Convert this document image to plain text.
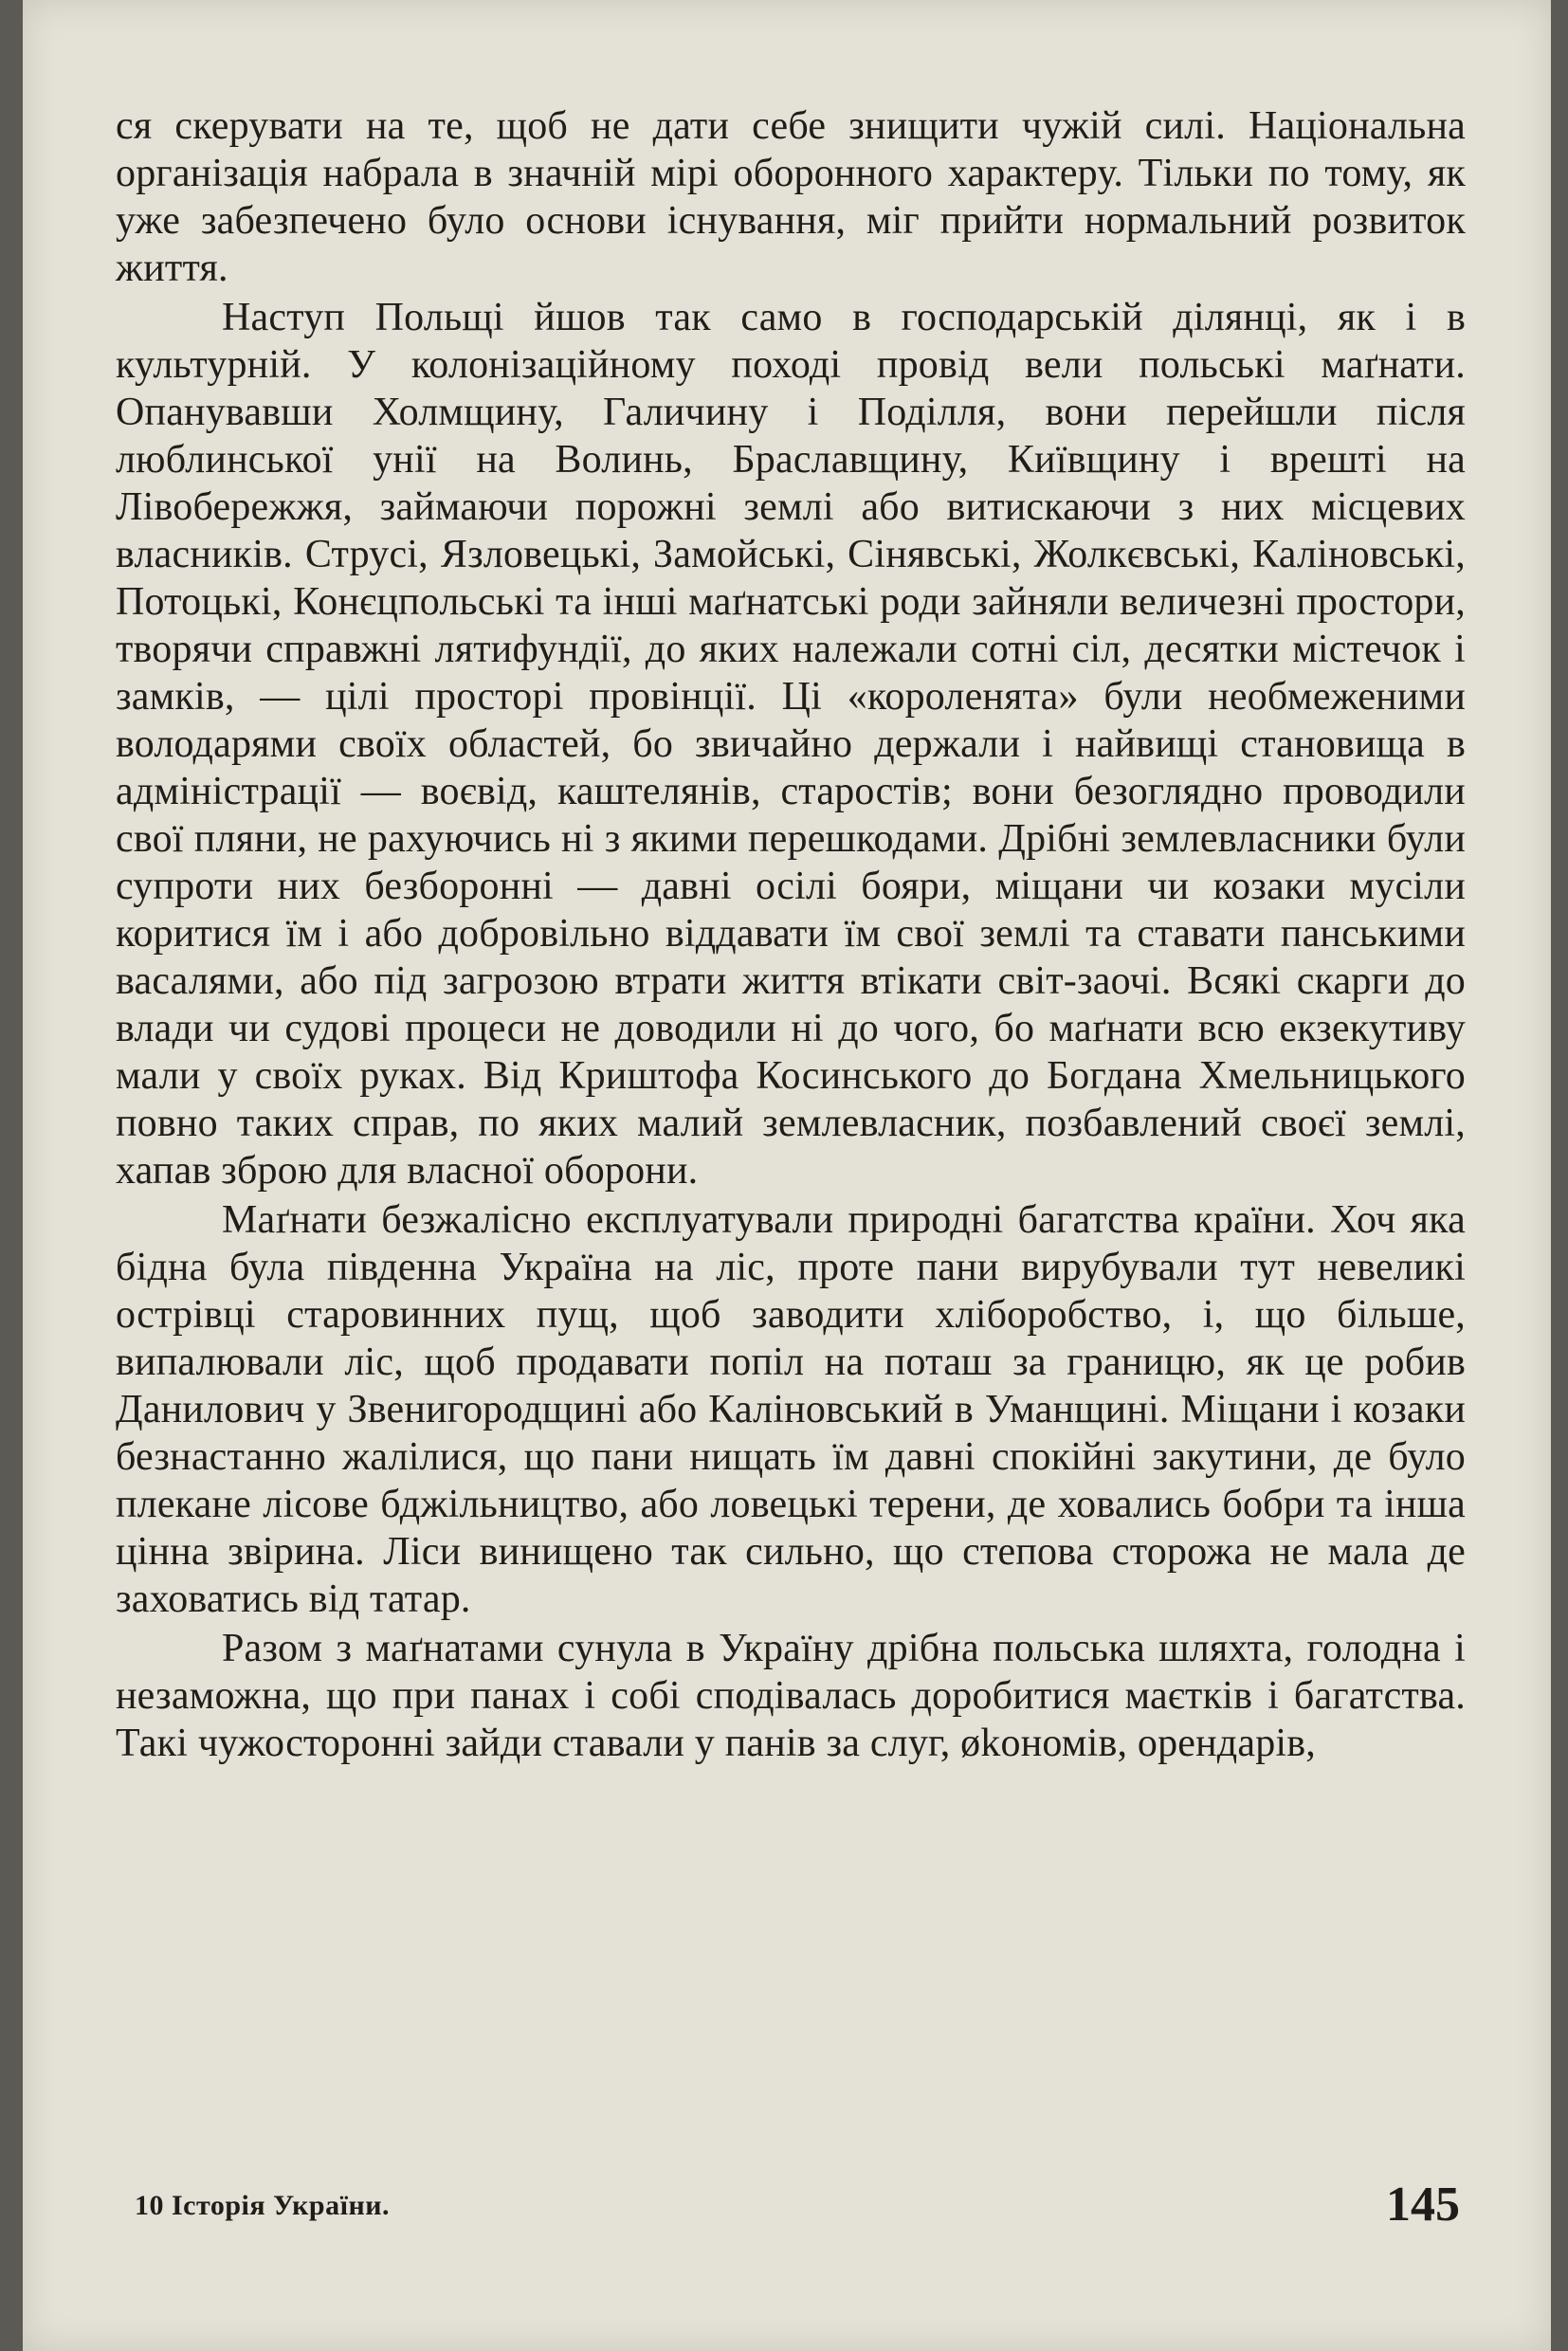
ся скерувати на те, щоб не дати себе знищити чужій силі. Національна організація набрала в значній мірі оборонного характеру. Тільки по тому, як уже забезпечено було основи існування, міг прийти нормальний розвиток життя.

Наступ Польщі йшов так само в господарській ділянці, як і в культурній. У колонізаційному поході провід вели польські маґнати. Опанувавши Холмщину, Галичину і Поділля, вони перейшли після люблинської унії на Волинь, Браславщину, Київщину і врешті на Лівобережжя, займаючи порожні землі або витискаючи з них місцевих власників. Струсі, Язловецькі, Замойські, Сінявські, Жолкєвські, Каліновські, Потоцькі, Конєцпольські та інші маґнатські роди зайняли величезні простори, творячи справжні лятифундії, до яких належали сотні сіл, десятки містечок і замків, — цілі просторі провінції. Ці «короленята» були необмеженими володарями своїх областей, бо звичайно держали і найвищі становища в адміністрації — воєвід, каштелянів, старостів; вони безоглядно проводили свої пляни, не рахуючись ні з якими перешкодами. Дрібні землевласники були супроти них безборонні — давні осілі бояри, міщани чи козаки мусіли коритися їм і або добровільно віддавати їм свої землі та ставати панськими васалями, або під загрозою втрати життя втікати світ-заочі. Всякі скарги до влади чи судові процеси не доводили ні до чого, бо маґнати всю екзекутиву мали у своїх руках. Від Криштофа Косинського до Богдана Хмельницького повно таких справ, по яких малий землевласник, позбавлений своєї землі, хапав зброю для власної оборони.

Маґнати безжалісно експлуатували природні багатства країни. Хоч яка бідна була південна Україна на ліс, проте пани вирубували тут невеликі острівці старовинних пущ, щоб заводити хліборобство, і, що більше, випалювали ліс, щоб продавати попіл на поташ за границю, як це робив Данилович у Звенигородщині або Каліновський в Уманщині. Міщани і козаки безнастанно жалілися, що пани нищать їм давні спокійні закутини, де було плекане лісове бджільництво, або ловецькі терени, де ховались бобри та інша цінна звірина. Ліси винищено так сильно, що степова сторожа не мала де заховатись від татар.

Разом з маґнатами сунула в Україну дрібна польська шляхта, голодна і незаможна, що при панах і собі сподівалась доробитися маєтків і багатства. Такі чужосторонні зайди ставали у панів за слуг, økономів, орендарів,

10 Історія України.	145
